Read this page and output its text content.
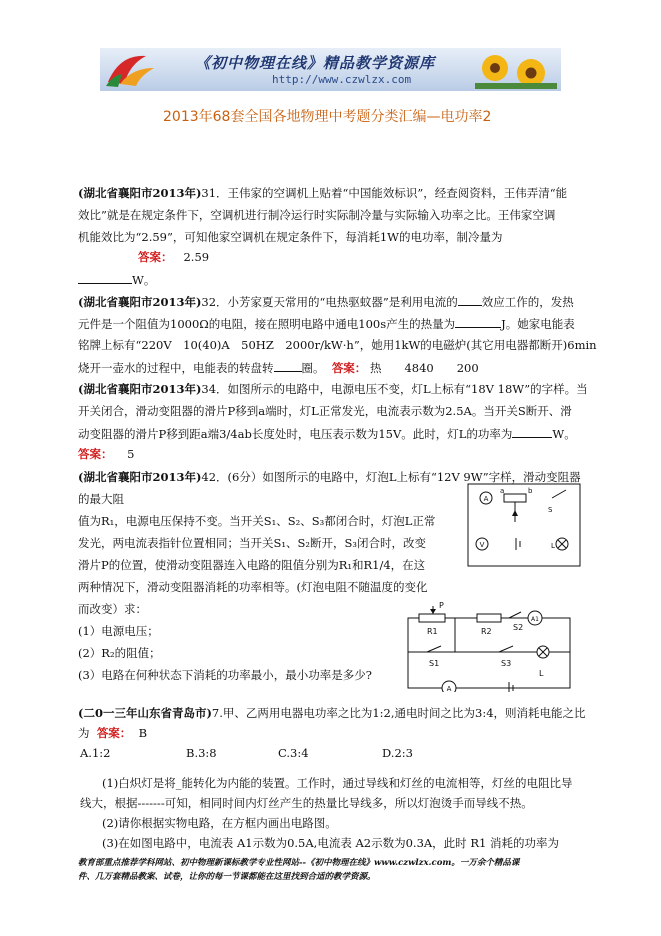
《初中物理在线》精品教学资源库
http://www.czwlzx.com
2013年68套全国各地物理中考题分类汇编—电功率2
(湖北省襄阳市2013年)31．王伟家的空调机上贴着“中国能效标识”，经查阅资料，王伟弄清“能
效比”就是在规定条件下，空调机进行制冷运行时实际制冷量与实际输入功率之比。王伟家空调
机能效比为“2.59”，可知他家空调机在规定条件下，每消耗1W的电功率，制冷量为
答案： 2.59
W。
(湖北省襄阳市2013年)32．小芳家夏天常用的“电热驱蚊器”是利用电流的 效应工作的，发热
元件是一个阻值为1000Ω的电阻，接在照明电路中通电100s产生的热量为	J。她家电能表
铭牌上标有“220V　10(40)A　50HZ　2000r/kW·h”，她用1kW的电磁炉(其它用电器都断开)6min
烧开一壶水的过程中，电能表的转盘转 圈。 答案： 热　　4840　　200
(湖北省襄阳市2013年)34．如图所示的电路中，电源电压不变，灯L上标有“18V 18W”的字样。当
开关闭合，滑动变阻器的滑片P移到a端时，灯L正常发光，电流表示数为2.5A。当开关S断开、滑
动变阻器的滑片P移到距a端3/4ab长度处时，电压表示数为15V。此时，灯L的功率为	W。
答案： 5
(湖北省襄阳市2013年)42．(6分）如图所示的电路中，灯泡L上标有“12V 9W”字样，滑动变阻器
的最大阻
值为R₁，电源电压保持不变。当开关S₁、S₂、S₃都闭合时，灯泡L正常
发光，两电流表指针位置相同；当开关S₁、S₂断开，S₃闭合时，改变
滑片P的位置，使滑动变阻器连入电路的阻值分别为R₁和R1/4，在这
两种情况下，滑动变阻器消耗的功率相等。(灯泡电阻不随温度的变化
而改变）求：
(1）电源电压；
(2）R₂的阻值；
(3）电路在何种状态下消耗的功率最小，最小功率是多少?
A
V
a	b
S
L
P
R1	R2	S2
A1
S1	S3
L
A
(二0一三年山东省青岛市)7.甲、乙两用电器电功率之比为1:2,通电时间之比为3:4，则消耗电能之比
为 答案： B
A.1:2	B.3:8	C.3:4	D.2:3
(1)白炽灯是将_能转化为内能的装置。工作时，通过导线和灯丝的电流相等，灯丝的电阻比导
线大，根据-------可知，相同时间内灯丝产生的热量比导线多，所以灯泡烫手而导线不热。
(2)请你根据实物电路，在方框内画出电路图。
(3)在如图电路中，电流表 A1示数为0.5A,电流表 A2示数为0.3A，此时 R1 消耗的功率为
教育部重点推荐学科网站、初中物理新课标教学专业性网站--《初中物理在线》www.czwlzx.com。一万余个精品课
件、几万套精品教案、试卷，让你的每一节课都能在这里找到合适的教学资源。
